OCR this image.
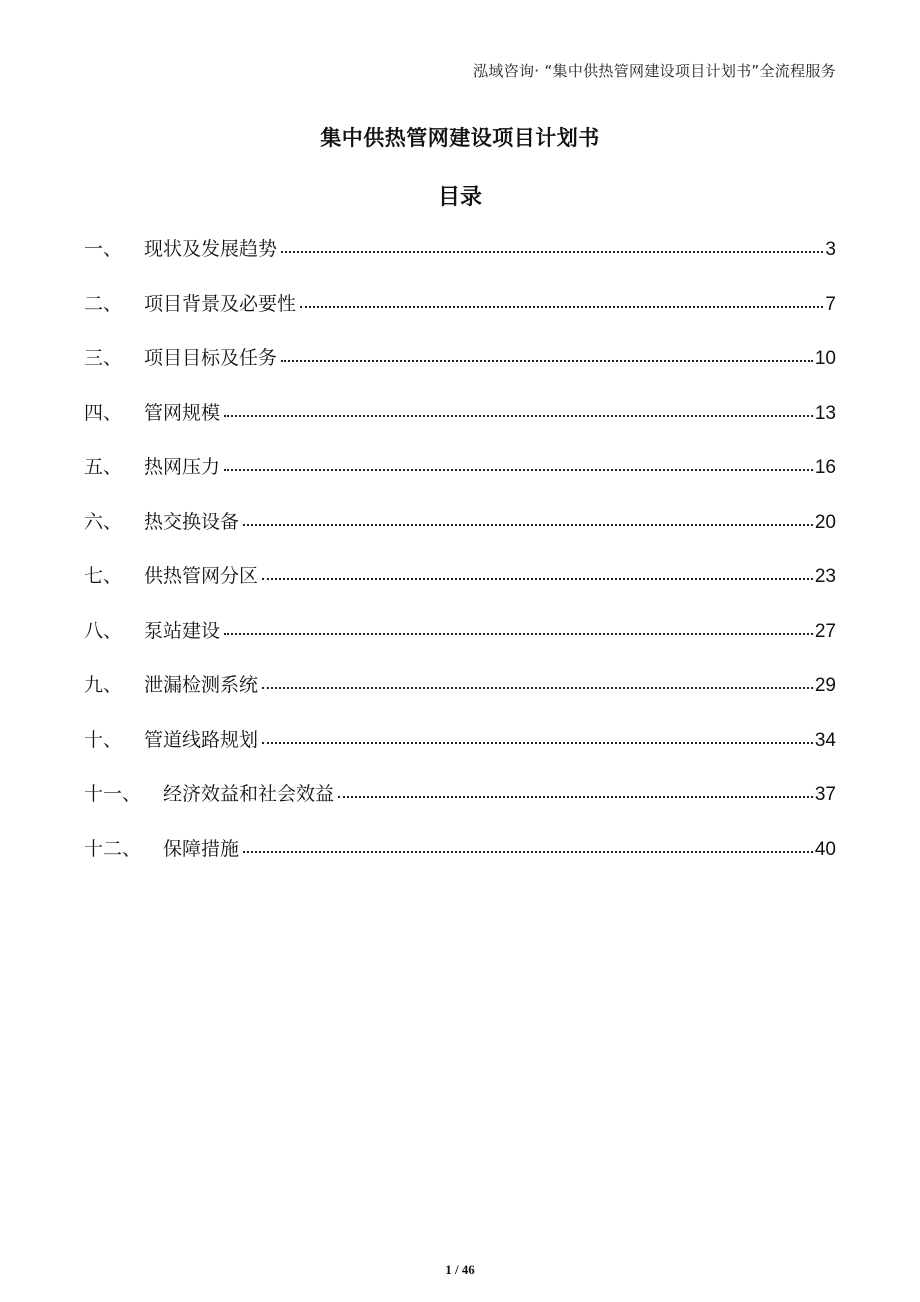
泓域咨询· “集中供热管网建设项目计划书”全流程服务
集中供热管网建设项目计划书
目录
一、 现状及发展趋势	3
二、 项目背景及必要性	7
三、 项目目标及任务	10
四、 管网规模	13
五、 热网压力	16
六、 热交换设备	20
七、 供热管网分区	23
八、 泵站建设	27
九、 泄漏检测系统	29
十、 管道线路规划	34
十一、 经济效益和社会效益	37
十二、 保障措施	40
1 / 46
